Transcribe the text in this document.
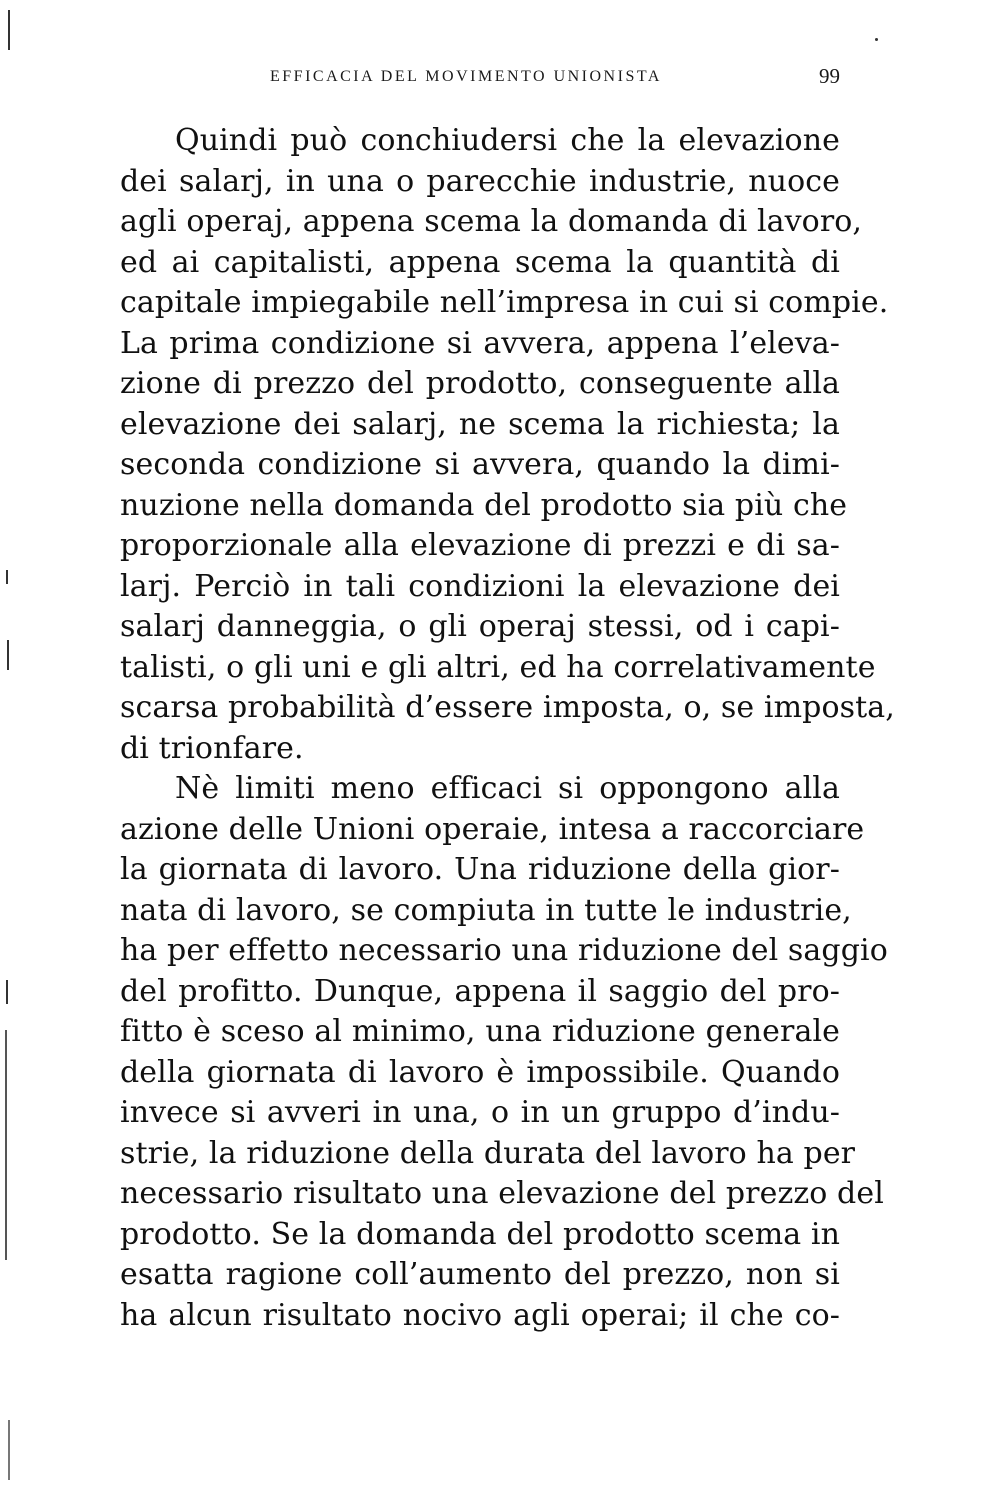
EFFICACIA DEL MOVIMENTO UNIONISTA	99
Quindi può conchiudersi che la elevazione
dei salarj, in una o parecchie industrie, nuoce
agli operaj, appena scema la domanda di lavoro,
ed ai capitalisti, appena scema la quantità di
capitale impiegabile nell’impresa in cui si compie.
La prima condizione si avvera, appena l’eleva-
zione di prezzo del prodotto, conseguente alla
elevazione dei salarj, ne scema la richiesta; la
seconda condizione si avvera, quando la dimi-
nuzione nella domanda del prodotto sia più che
proporzionale alla elevazione di prezzi e di sa-
larj. Perciò in tali condizioni la elevazione dei
salarj danneggia, o gli operaj stessi, od i capi-
talisti, o gli uni e gli altri, ed ha correlativamente
scarsa probabilità d’essere imposta, o, se imposta,
di trionfare.
Nè limiti meno efficaci si oppongono alla
azione delle Unioni operaie, intesa a raccorciare
la giornata di lavoro. Una riduzione della gior-
nata di lavoro, se compiuta in tutte le industrie,
ha per effetto necessario una riduzione del saggio
del profitto. Dunque, appena il saggio del pro-
fitto è sceso al minimo, una riduzione generale
della giornata di lavoro è impossibile. Quando
invece si avveri in una, o in un gruppo d’indu-
strie, la riduzione della durata del lavoro ha per
necessario risultato una elevazione del prezzo del
prodotto. Se la domanda del prodotto scema in
esatta ragione coll’aumento del prezzo, non si
ha alcun risultato nocivo agli operai; il che co-
